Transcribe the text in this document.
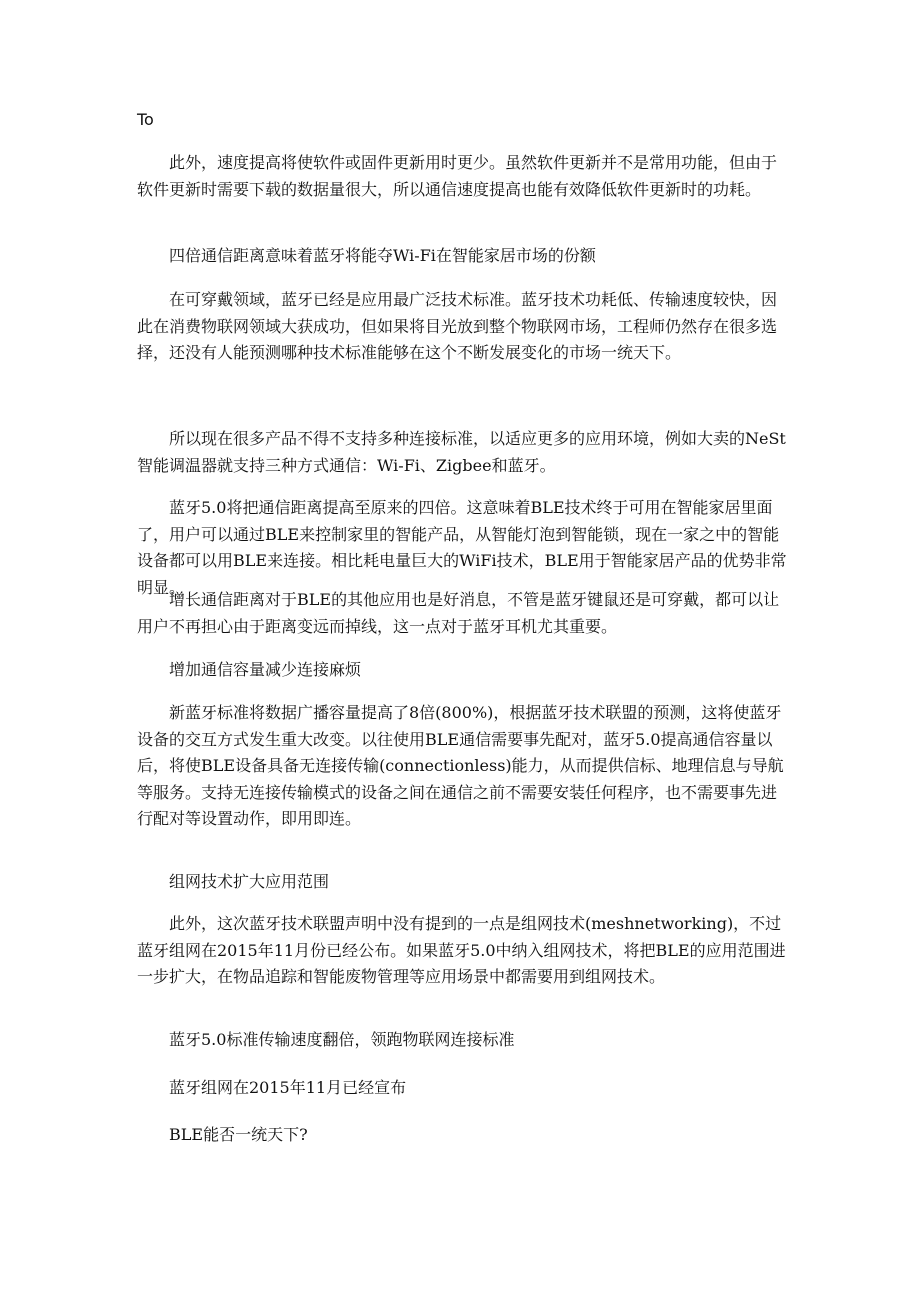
To

此外，速度提高将使软件或固件更新用时更少。虽然软件更新并不是常用功能，但由于软件更新时需要下载的数据量很大，所以通信速度提高也能有效降低软件更新时的功耗。

四倍通信距离意味着蓝牙将能夺Wi-Fi在智能家居市场的份额

在可穿戴领域，蓝牙已经是应用最广泛技术标准。蓝牙技术功耗低、传输速度较快，因此在消费物联网领域大获成功，但如果将目光放到整个物联网市场，工程师仍然存在很多选择，还没有人能预测哪种技术标准能够在这个不断发展变化的市场一统天下。

所以现在很多产品不得不支持多种连接标准，以适应更多的应用环境，例如大卖的NeSt智能调温器就支持三种方式通信：Wi-Fi、Zigbee和蓝牙。

蓝牙5.0将把通信距离提高至原来的四倍。这意味着BLE技术终于可用在智能家居里面了，用户可以通过BLE来控制家里的智能产品，从智能灯泡到智能锁，现在一家之中的智能设备都可以用BLE来连接。相比耗电量巨大的WiFi技术，BLE用于智能家居产品的优势非常明显。

增长通信距离对于BLE的其他应用也是好消息，不管是蓝牙键鼠还是可穿戴，都可以让用户不再担心由于距离变远而掉线，这一点对于蓝牙耳机尤其重要。

增加通信容量减少连接麻烦

新蓝牙标准将数据广播容量提高了8倍(800%)，根据蓝牙技术联盟的预测，这将使蓝牙设备的交互方式发生重大改变。以往使用BLE通信需要事先配对，蓝牙5.0提高通信容量以后，将使BLE设备具备无连接传输(connectionless)能力，从而提供信标、地理信息与导航等服务。支持无连接传输模式的设备之间在通信之前不需要安装任何程序，也不需要事先进行配对等设置动作，即用即连。

组网技术扩大应用范围

此外，这次蓝牙技术联盟声明中没有提到的一点是组网技术(meshnetworking)，不过蓝牙组网在2015年11月份已经公布。如果蓝牙5.0中纳入组网技术，将把BLE的应用范围进一步扩大，在物品追踪和智能废物管理等应用场景中都需要用到组网技术。

蓝牙5.0标准传输速度翻倍，领跑物联网连接标准

蓝牙组网在2015年11月已经宣布

BLE能否一统天下?
